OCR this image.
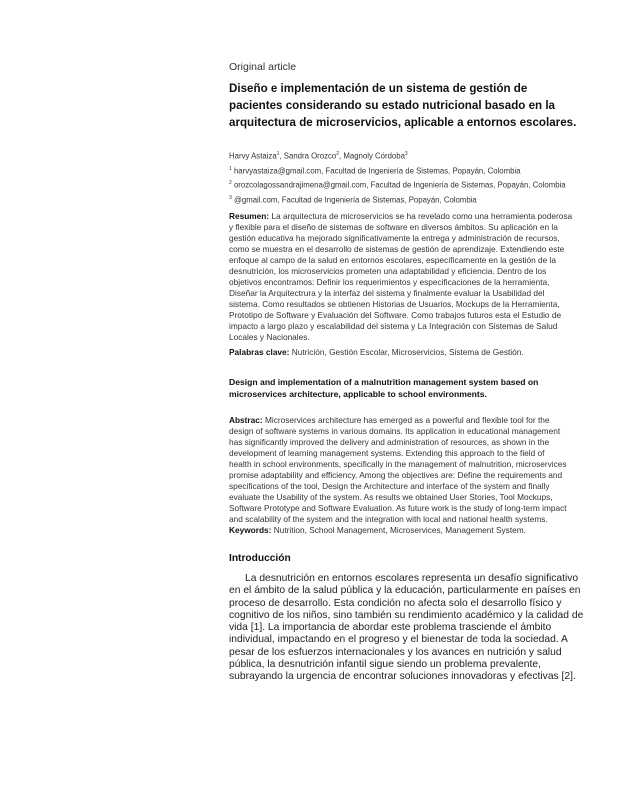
Original article
Diseño e implementación de un sistema de gestión de
pacientes considerando su estado nutricional basado en la
arquitectura de microservicios, aplicable a entornos escolares.
Harvy Astaiza$^1$, Sandra Orozco$^2$, Magnoly Córdoba$^3$
$^1$ harvyastaiza@gmail.com, Facultad de Ingeniería de Sistemas, Popayán, Colombia
$^2$ orozcolagossandrajimena@gmail.com, Facultad de Ingeniería de Sistemas, Popayán, Colombia
$^3$ @gmail.com, Facultad de Ingeniería de Sistemas, Popayán, Colombia
Resumen: La arquitectura de microservicios se ha revelado como una herramienta poderosa
y flexible para el diseño de sistemas de software en diversos ámbitos. Su aplicación en la
gestión educativa ha mejorado significativamente la entrega y administración de recursos,
como se muestra en el desarrollo de sistemas de gestión de aprendizaje. Extendiendo este
enfoque al campo de la salud en entornos escolares, específicamente en la gestión de la
desnutrición, los microservicios prometen una adaptabilidad y eficiencia. Dentro de los
objetivos encontramos: Definir los requerimientos y especificaciones de la herramienta,
Diseñar la Arquitectrura y la interfaz del sistema y finalmente evaluar la Usabilidad del
sistema. Como resultados se obtienen Historias de Usuarios, Mockups de la Herramienta,
Prototipo de Software y Evaluación del Software. Como trabajos futuros esta el Estudio de
impacto a largo plazo y escalabilidad del sistema y La Integración con Sistemas de Salud
Locales y Nacionales.
Palabras clave: Nutrición, Gestión Escolar, Microservicios, Sistema de Gestión.
Design and implementation of a malnutrition management system based on
microservices architecture, applicable to school environments.
Abstrac: Microservices architecture has emerged as a powerful and flexible tool for the
design of software systems in various domains. Its application in educational management
has significantly improved the delivery and administration of resources, as shown in the
development of learning management systems. Extending this approach to the field of
health in school environments, specifically in the management of malnutrition, microservices
promise adaptability and efficiency. Among the objectives are: Define the requirements and
specifications of the tool, Design the Architecture and interface of the system and finally
evaluate the Usability of the system. As results we obtained User Stories, Tool Mockups,
Software Prototype and Software Evaluation. As future work is the study of long-term impact
and scalability of the system and the integration with local and national health systems.
Keywords: Nutrition, School Management, Microservices, Management System.
Introducción
La desnutrición en entornos escolares representa un desafío significativo
en el ámbito de la salud pública y la educación, particularmente en países en
proceso de desarrollo. Esta condición no afecta solo el desarrollo físico y
cognitivo de los niños, sino también su rendimiento académico y la calidad de
vida [1]. La importancia de abordar este problema trasciende el ámbito
individual, impactando en el progreso y el bienestar de toda la sociedad. A
pesar de los esfuerzos internacionales y los avances en nutrición y salud
pública, la desnutrición infantil sigue siendo un problema prevalente,
subrayando la urgencia de encontrar soluciones innovadoras y efectivas [2].
